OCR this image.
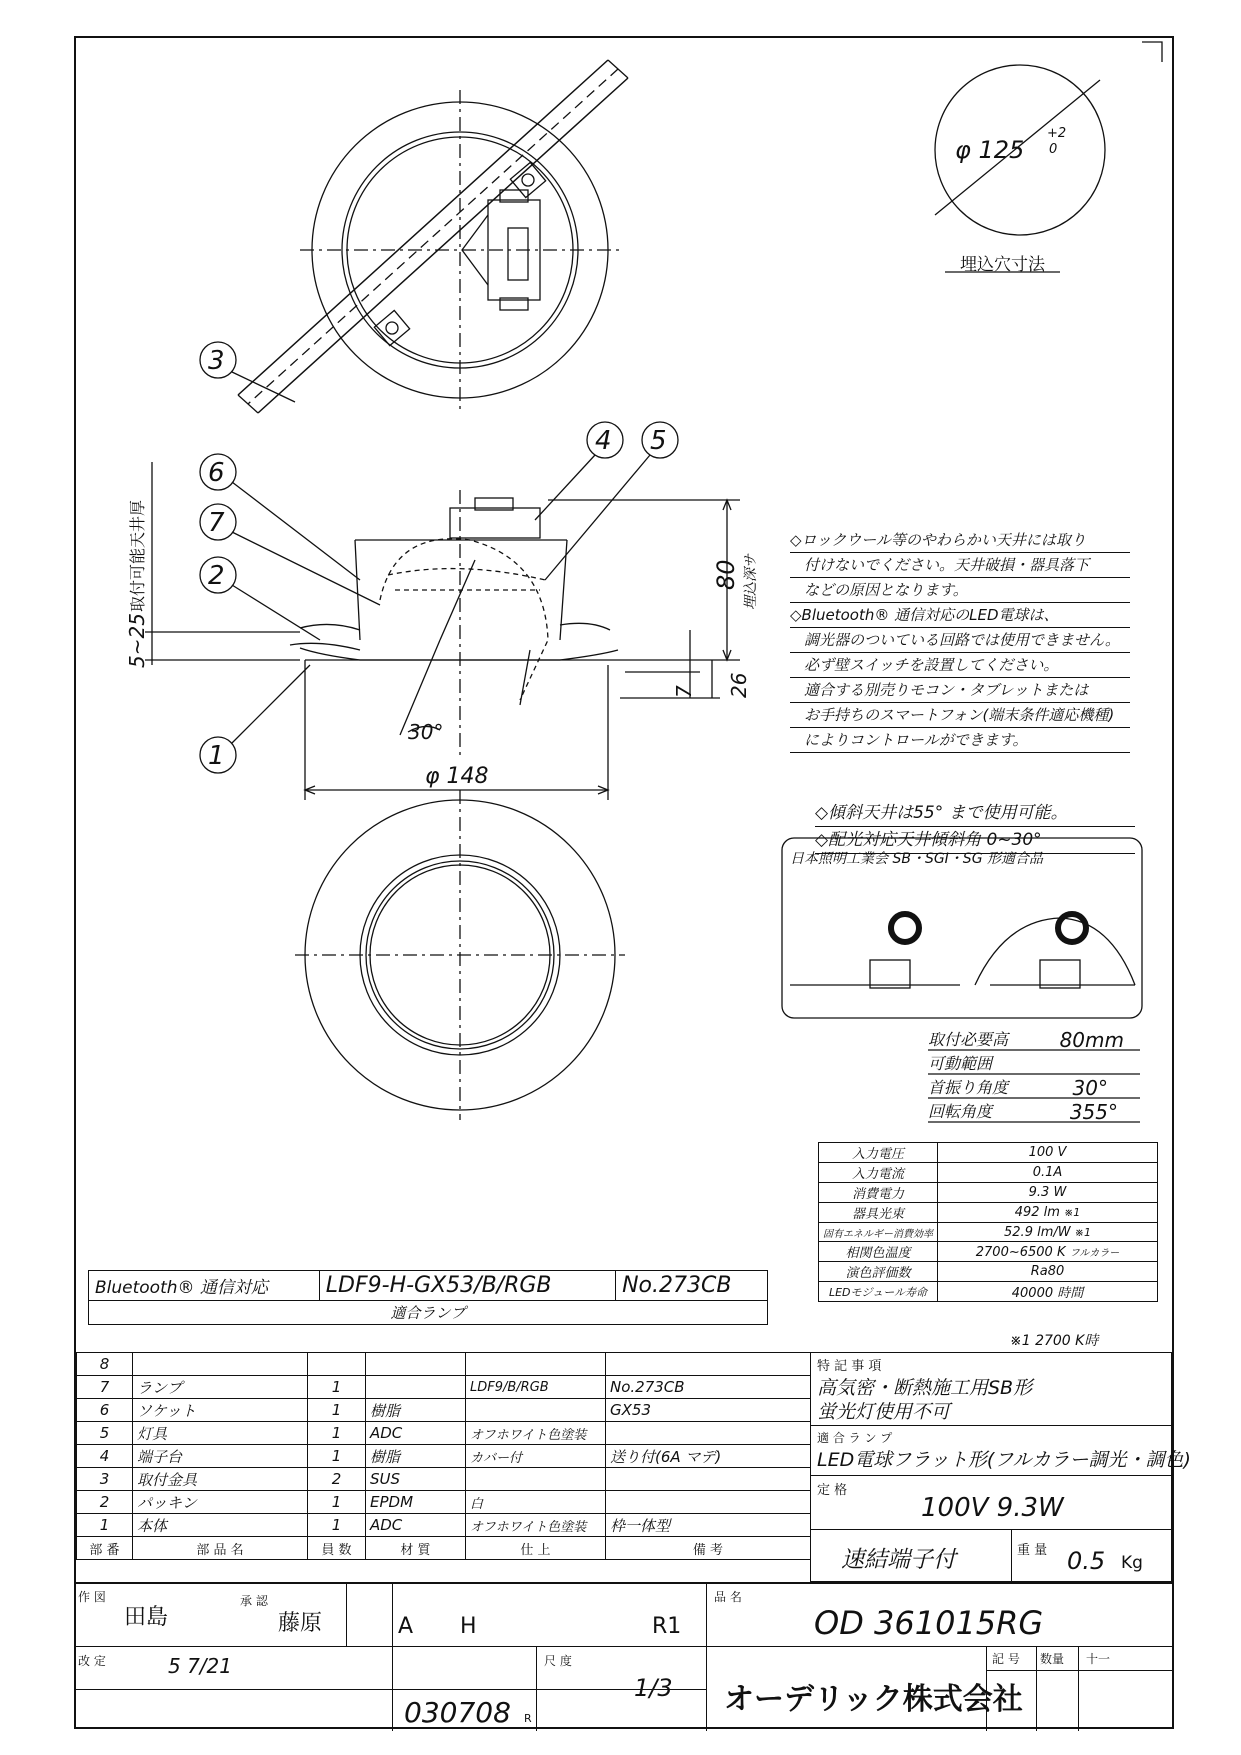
φ 125
+2
0
埋込穴寸法
3
6
7
2
1
4 5
80 埋込深サ
26
7
5~25
取付可能天井厚
30°
φ 148
◇ロックウール等のやわらかい天井には取り
付けないでください。天井破損・器具落下
などの原因となります。
◇Bluetooth® 通信対応のLED電球は、
調光器のついている回路では使用できません。
必ず壁スイッチを設置してください。
適合する別売りモコン・タブレットまたは
お手持ちのスマートフォン(端末条件適応機種)
によりコントロールができます。
◇傾斜天井は55° まで使用可能。
◇配光対応天井傾斜角 0~30°
日本照明工業会 SB・SGI・SG 形適合品
取付必要高	80mm
可動範囲
首振り角度	30°
回転角度	355°
入力電圧	100 V
入力電流	0.1A
消費電力	9.3 W
器具光束	492 lm ※1
固有エネルギー消費効率	52.9 lm/W ※1
相関色温度	2700~6500 K フルカラー
演色評価数	Ra80
LEDモジュール寿命	40000 時間
※1 2700 K時
Bluetooth® 通信対応	LDF9-H-GX53/B/RGB	No.273CB
適合ランプ
8					
7	ランプ	1		LDF9/B/RGB	No.273CB
6	ソケット	1	樹脂		GX53
5	灯具	1	ADC	オフホワイト色塗装	
4	端子台	1	樹脂	カバー付	送り付(6A マデ)
3	取付金具	2	SUS		
2	パッキン	1	EPDM	白	
1	本体	1	ADC	オフホワイト色塗装	枠一体型
部 番	部 品 名	員 数	材 質	仕 上	備 考
特 記 事 項
高気密・断熱施工用SB形
蛍光灯使用不可
適 合 ラ ン プ
LED電球フラット形(フルカラー調光・調色)
定 格
100V 9.3W
速結端子付	重 量 0.5 Kg
作 図
田島
承 認
藤原	A H	R1
品 名
OD 361015RG
改 定	5 7/21	尺 度
1/3
030708 R
オーデリック株式会社
記 号 数量 十一
